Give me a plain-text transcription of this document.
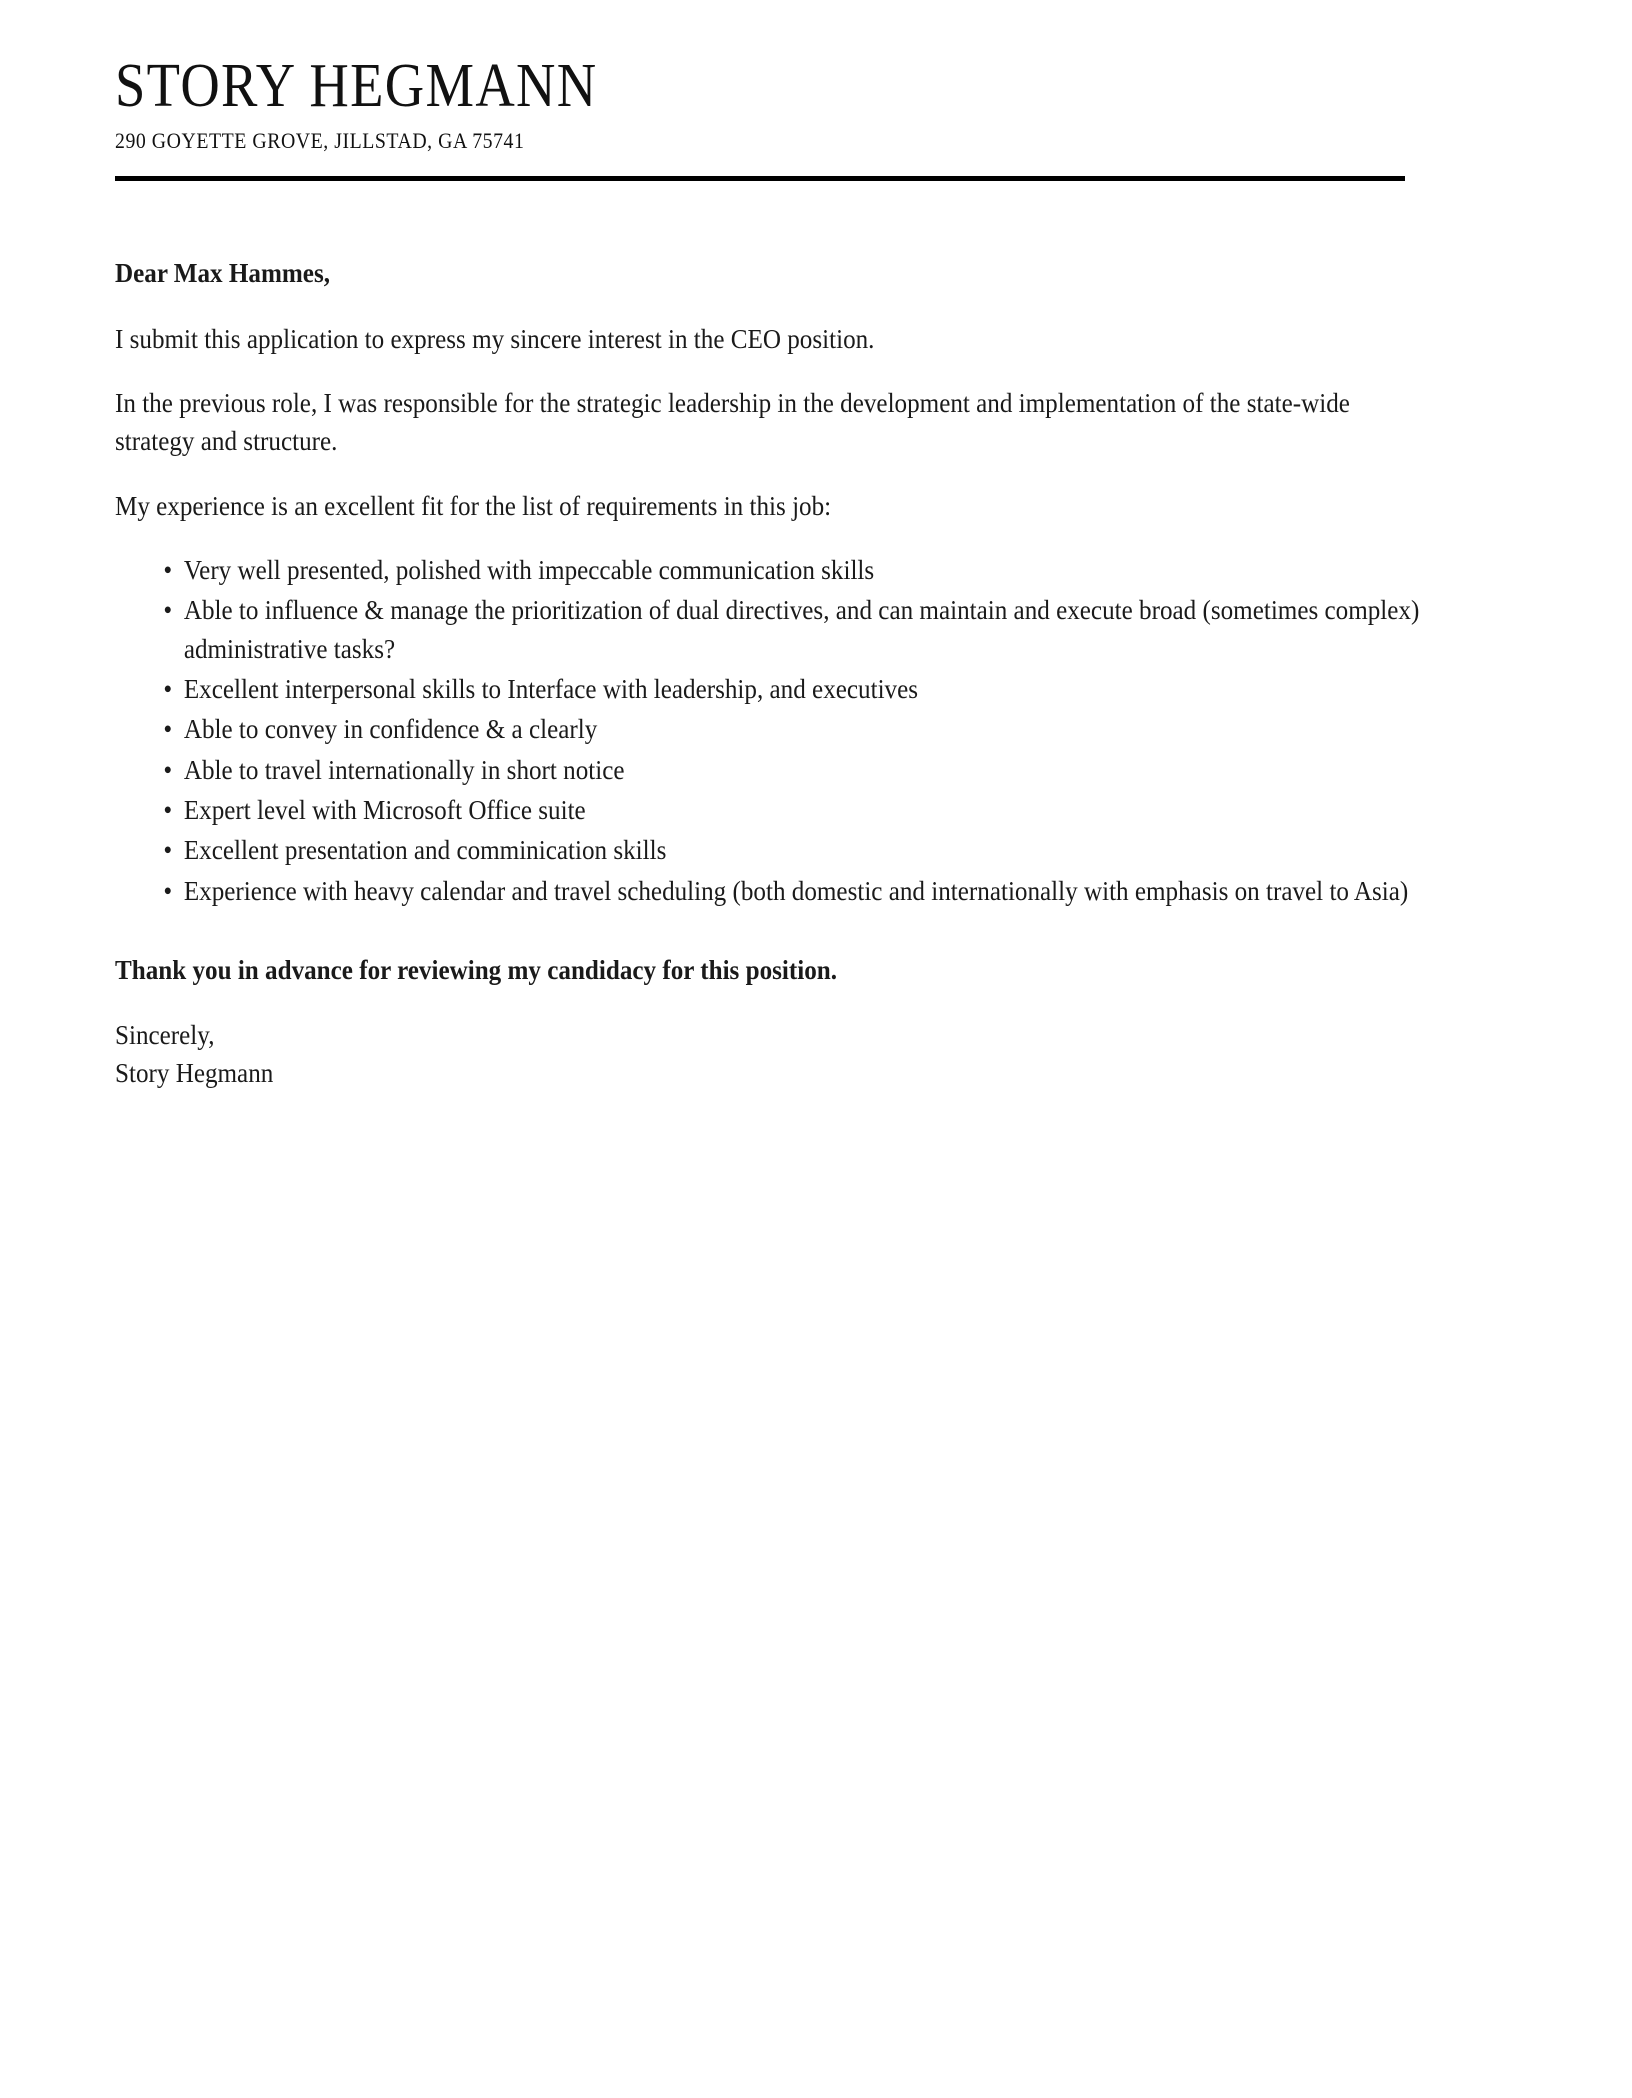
STORY HEGMANN
290 GOYETTE GROVE, JILLSTAD, GA 75741
Dear Max Hammes,

I submit this application to express my sincere interest in the CEO position.

In the previous role, I was responsible for the strategic leadership in the development and implementation of the state-wide strategy and structure.

My experience is an excellent fit for the list of requirements in this job:

• Very well presented, polished with impeccable communication skills
• Able to influence & manage the prioritization of dual directives, and can maintain and execute broad (sometimes complex) administrative tasks?
• Excellent interpersonal skills to Interface with leadership, and executives
• Able to convey in confidence & a clearly
• Able to travel internationally in short notice
• Expert level with Microsoft Office suite
• Excellent presentation and comminication skills
• Experience with heavy calendar and travel scheduling (both domestic and internationally with emphasis on travel to Asia)
Thank you in advance for reviewing my candidacy for this position.
Sincerely,
Story Hegmann
